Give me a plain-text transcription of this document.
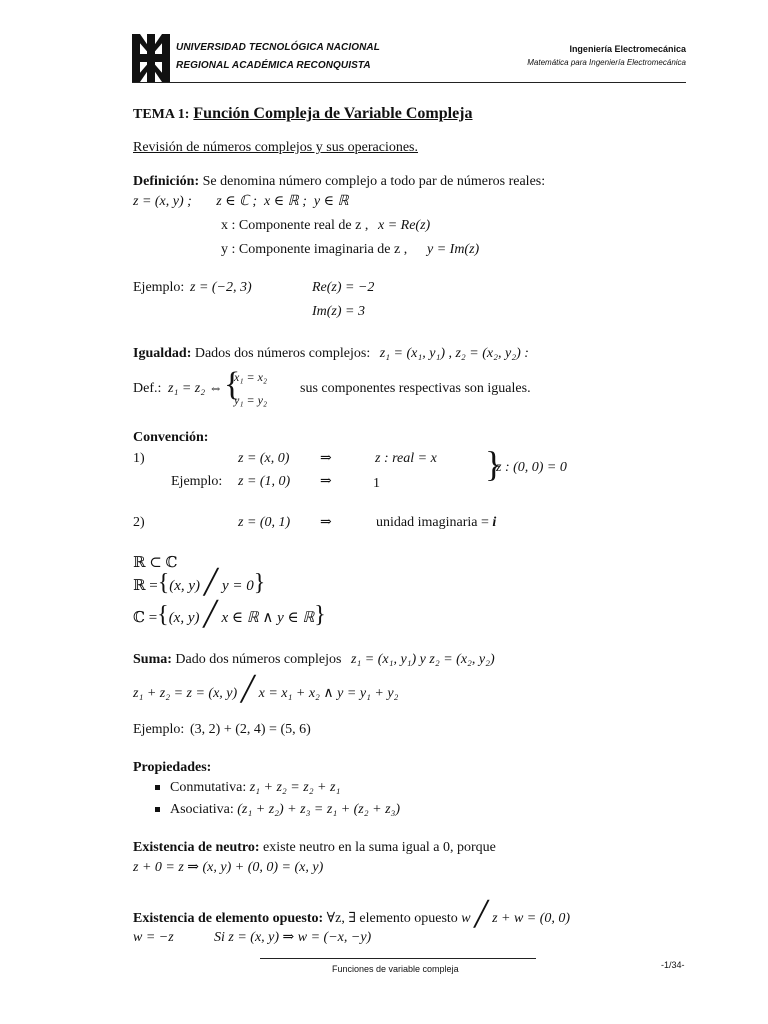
UNIVERSIDAD TECNOLÓGICA NACIONAL
REGIONAL ACADÉMICA RECONQUISTA
Ingeniería Electromecánica
Matemática para Ingeniería Electromecánica
TEMA 1: Función Compleja de Variable Compleja
Revisión de números complejos y sus operaciones.
Definición: Se denomina número complejo a todo par de números reales:
z = (x, y) ;       z ∈ ℂ ;  x ∈ ℝ ;  y ∈ ℝ
x : Componente real de z , x = Re(z)
y : Componente imaginaria de z , y = Im(z)
Ejemplo: z = (−2, 3)	Re(z) = −2
Im(z) = 3
Igualdad: Dados dos números complejos: z₁ = (x₁, y₁) , z₂ = (x₂, y₂) :
Def.: z₁ = z₂ ⇔ {
x₁ = x₂
y₁ = y₂
sus componentes respectivas son iguales.
Convención:
1)	z = (x, 0) ⇒	z : real = x
Ejemplo: z = (1, 0) ⇒	1	}
z : (0, 0) = 0
2)	z = (0, 1) ⇒	unidad imaginaria = i
ℝ ⊂ ℂ
ℝ ={(x, y) ╱ y = 0}
ℂ ={(x, y) ╱ x ∈ ℝ ∧ y ∈ ℝ}
Suma: Dado dos números complejos z₁ = (x₁, y₁) y z₂ = (x₂, y₂)
z₁ + z₂ = z = (x, y) ╱ x = x₁ + x₂ ∧ y = y₁ + y₂
Ejemplo: (3, 2) + (2, 4) = (5, 6)
Propiedades:
Conmutativa: z₁ + z₂ = z₂ + z₁
Asociativa: (z₁ + z₂) + z₃ = z₁ + (z₂ + z₃)
Existencia de neutro: existe neutro en la suma igual a 0, porque
z + 0 = z ⇒ (x, y) + (0, 0) = (x, y)
Existencia de elemento opuesto: ∀z, ∃ elemento opuesto w ╱ z + w = (0, 0)
w = −z	Si z = (x, y) ⇒ w = (−x, −y)
Funciones de variable compleja	-1/34-
